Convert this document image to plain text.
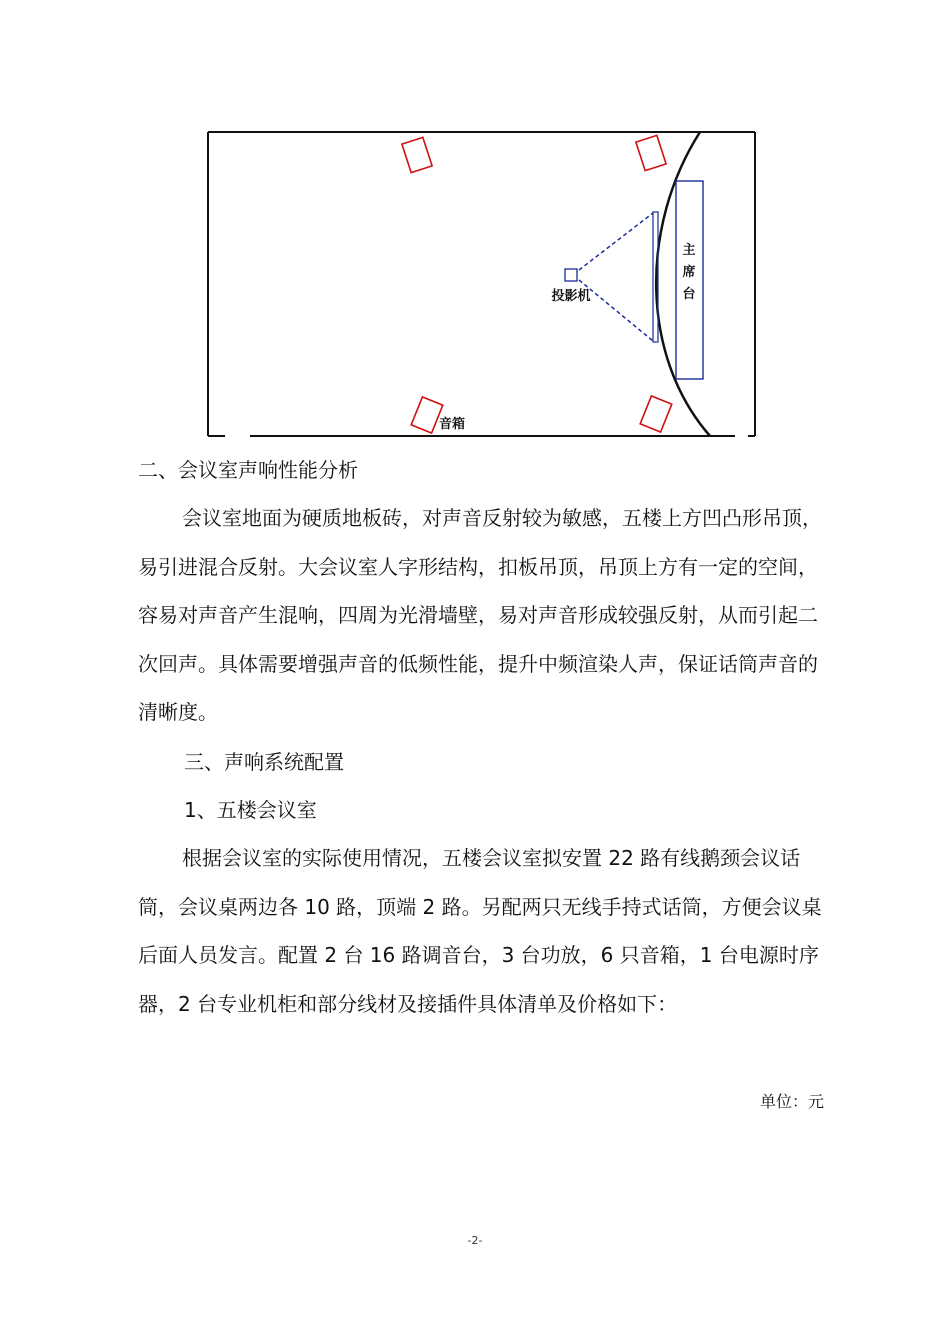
主
席
台
投影机
音箱

二、会议室声响性能分析

会议室地面为硬质地板砖，对声音反射较为敏感，五楼上方凹凸形吊顶，易引进混合反射。大会议室人字形结构，扣板吊顶，吊顶上方有一定的空间，容易对声音产生混响，四周为光滑墙壁，易对声音形成较强反射，从而引起二次回声。具体需要增强声音的低频性能，提升中频渲染人声，保证话筒声音的清晰度。

三、声响系统配置

1、五楼会议室

根据会议室的实际使用情况，五楼会议室拟安置 22 路有线鹅颈会议话筒，会议桌两边各 10 路，顶端 2 路。另配两只无线手持式话筒，方便会议桌后面人员发言。配置 2 台 16 路调音台，3 台功放，6 只音箱，1 台电源时序器，2 台专业机柜和部分线材及接插件具体清单及价格如下：

单位：元
-2-
